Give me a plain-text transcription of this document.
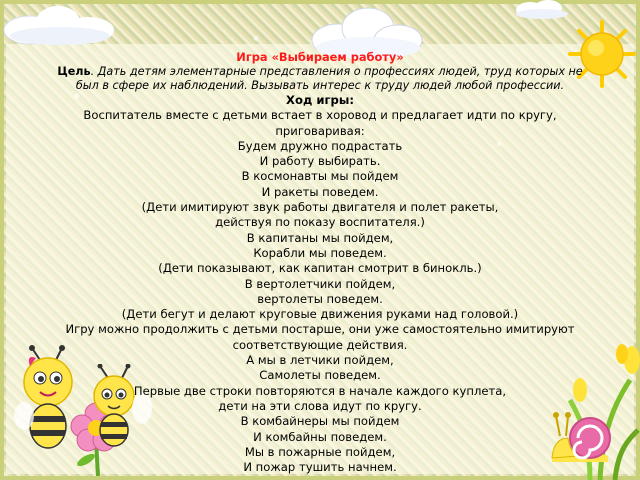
Игра «Выбираем работу»
Цель. Дать детям элементарные представления о профессиях людей, труд которых не
был в сфере их наблюдений. Вызывать интерес к труду людей любой профессии.
Ход игры:
Воспитатель вместе с детьми встает в хоровод и предлагает идти по кругу,
приговаривая:
Будем дружно подрастать
И работу выбирать.
В космонавты мы пойдем
И ракеты поведем.
(Дети имитируют звук работы двигателя и полет ракеты,
действуя по показу воспитателя.)
В капитаны мы пойдем,
Корабли мы поведем.
(Дети показывают, как капитан смотрит в бинокль.)
В вертолетчики пойдем,
вертолеты поведем.
(Дети бегут и делают круговые движения руками над головой.)
Игру можно продолжить с детьми постарше, они уже самостоятельно имитируют
соответствующие действия.
А мы в летчики пойдем,
Самолеты поведем.
Первые две строки повторяются в начале каждого куплета,
дети на эти слова идут по кругу.
В комбайнеры мы пойдем
И комбайны поведем.
Мы в пожарные пойдем,
И пожар тушить начнем.
